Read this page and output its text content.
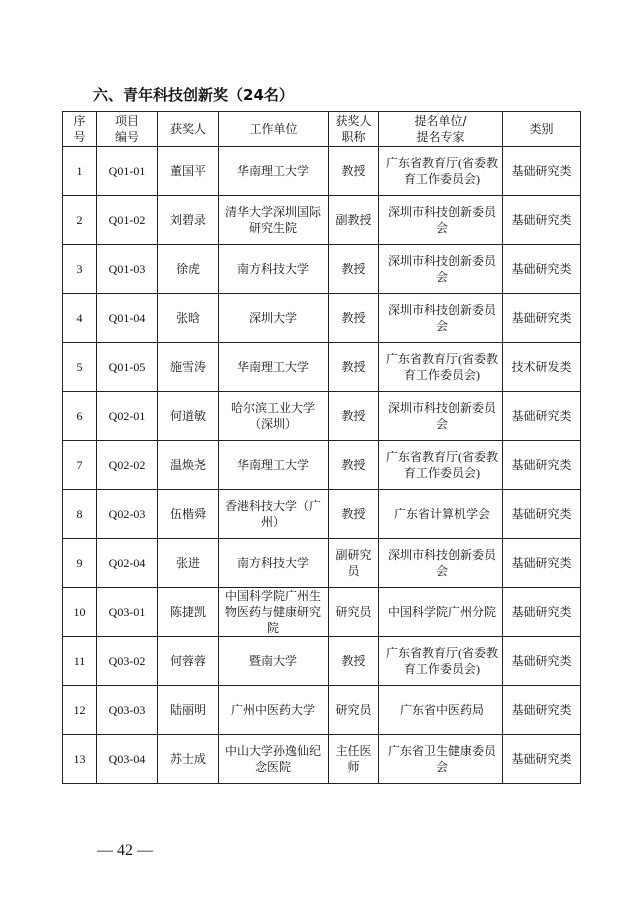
六、青年科技创新奖（24名）
序号	项目编号	获奖人	工作单位	获奖人职称	提名单位/提名专家	类别

1	Q01-01	董国平	华南理工大学	教授	广东省教育厅(省委教育工作委员会)	基础研究类

2	Q01-02	刘碧录	清华大学深圳国际研究生院	副教授	深圳市科技创新委员会	基础研究类

3	Q01-03	徐虎	南方科技大学	教授	深圳市科技创新委员会	基础研究类

4	Q01-04	张晗	深圳大学	教授	深圳市科技创新委员会	基础研究类

5	Q01-05	施雪涛	华南理工大学	教授	广东省教育厅(省委教育工作委员会)	技术研发类

6	Q02-01	何道敏	哈尔滨工业大学（深圳）	教授	深圳市科技创新委员会	基础研究类

7	Q02-02	温焕尧	华南理工大学	教授	广东省教育厅(省委教育工作委员会)	基础研究类

8	Q02-03	伍楷舜	香港科技大学（广州）	教授	广东省计算机学会	基础研究类

9	Q02-04	张进	南方科技大学	副研究员	深圳市科技创新委员会	基础研究类

10	Q03-01	陈捷凯	中国科学院广州生物医药与健康研究院	研究员	中国科学院广州分院	基础研究类

11	Q03-02	何蓉蓉	暨南大学	教授	广东省教育厅(省委教育工作委员会)	基础研究类

12	Q03-03	陆丽明	广州中医药大学	研究员	广东省中医药局	基础研究类

13	Q03-04	苏士成	中山大学孙逸仙纪念医院	主任医师	广东省卫生健康委员会	基础研究类
— 42 —
